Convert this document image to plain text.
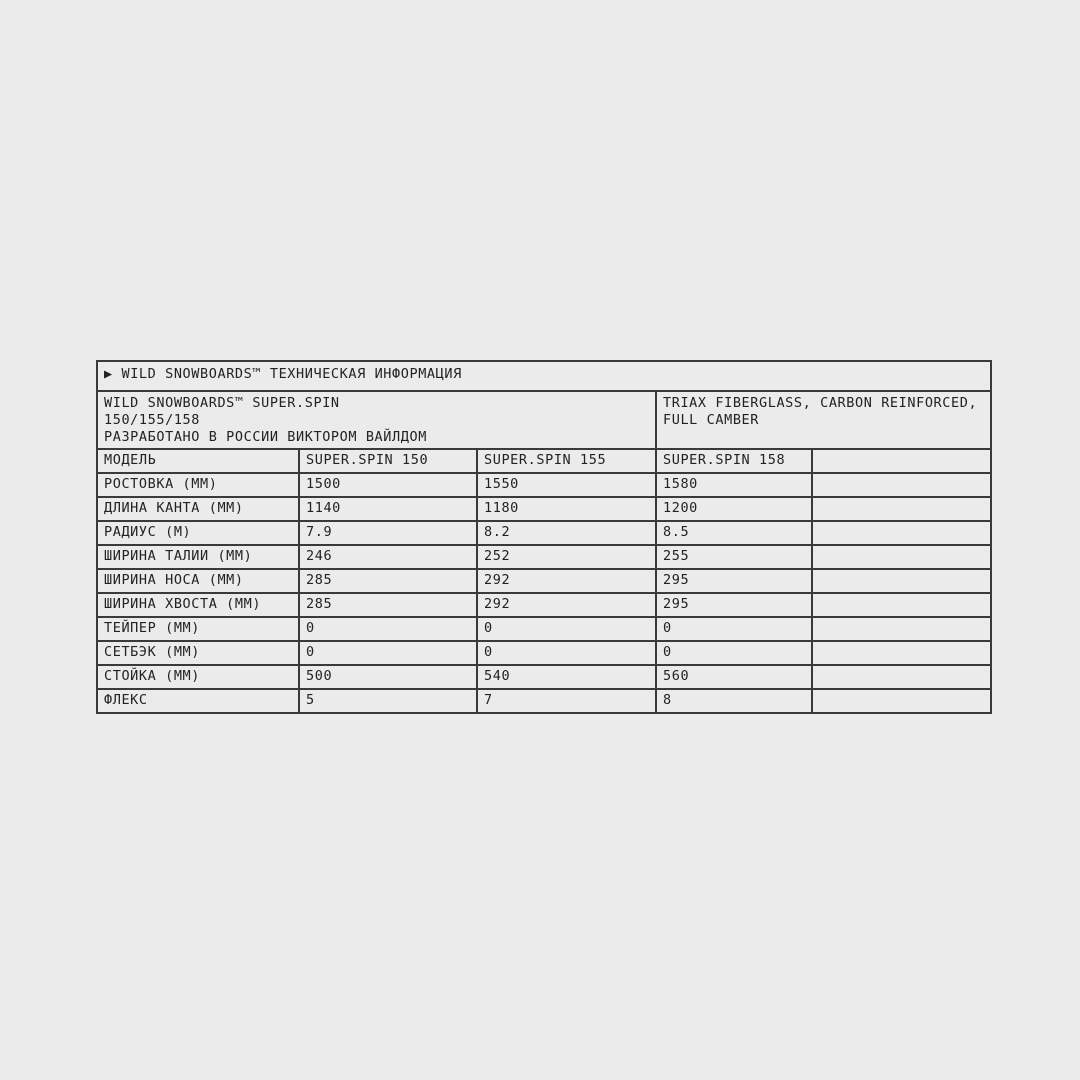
▶ WILD SNOWBOARDS™ ТЕХНИЧЕСКАЯ ИНФОРМАЦИЯ				

WILD SNOWBOARDS™ SUPER.SPIN
150/155/158
РАЗРАБОТАНО В РОССИИ ВИКТОРОМ ВАЙЛДОМ			TRIAX FIBERGLASS, CARBON REINFORCED,
FULL CAMBER	

МОДЕЛЬ	SUPER.SPIN 150	SUPER.SPIN 155	SUPER.SPIN 158	
РОСТОВКА (ММ)	1500	1550	1580	
ДЛИНА КАНТА (ММ)	1140	1180	1200	
РАДИУС (М)	7.9	8.2	8.5	
ШИРИНА ТАЛИИ (ММ)	246	252	255	
ШИРИНА НОСА (ММ)	285	292	295	
ШИРИНА ХВОСТА (ММ)	285	292	295	
ТЕЙПЕР (ММ)	0	0	0	
СЕТБЭК (ММ)	0	0	0	
СТОЙКА (ММ)	500	540	560	
ФЛЕКС	5	7	8	
